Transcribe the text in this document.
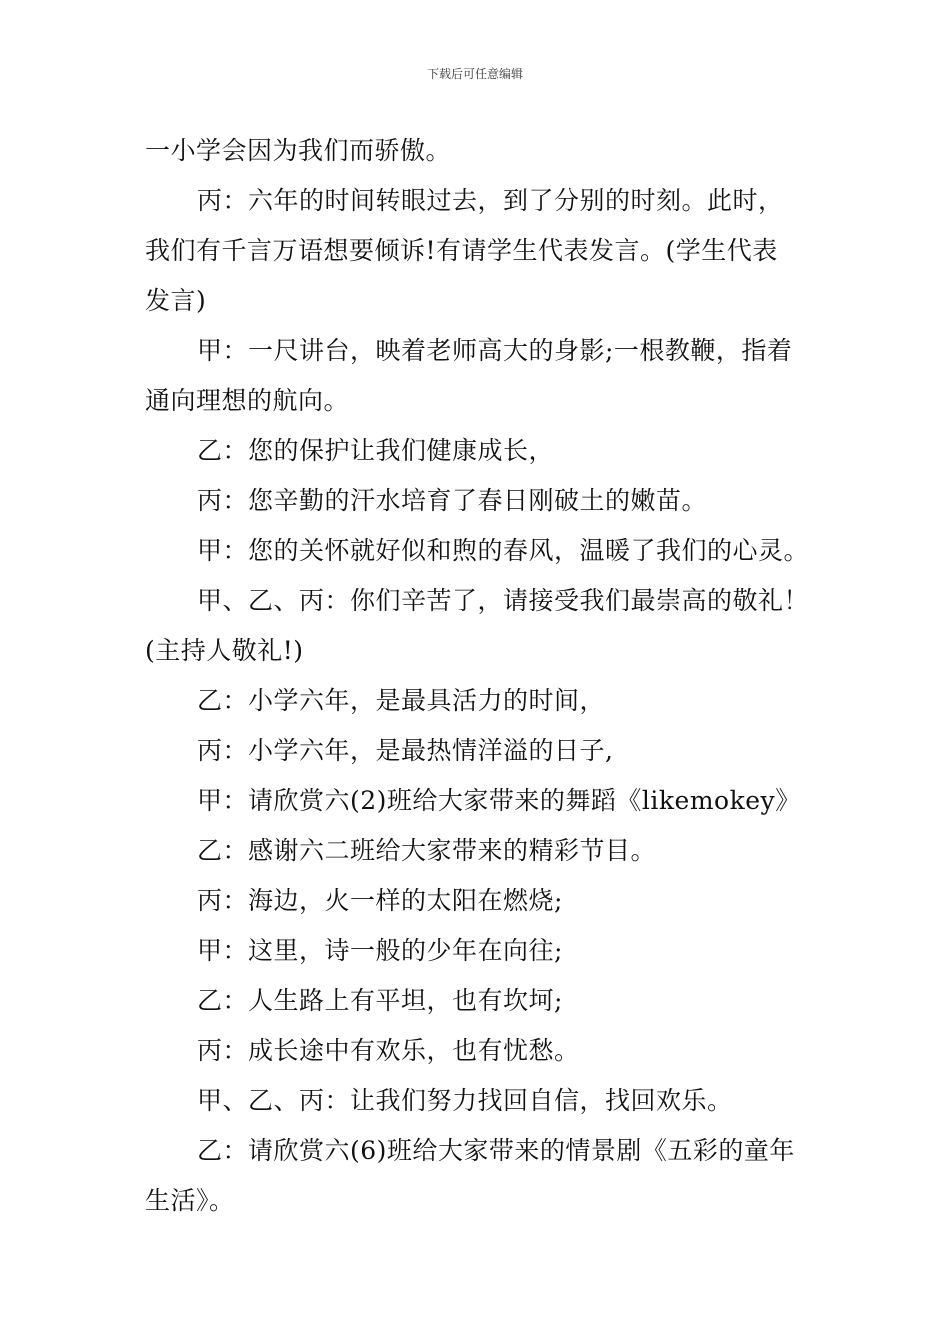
下载后可任意编辑
一小学会因为我们而骄傲。
丙：六年的时间转眼过去，到了分别的时刻。此时，
我们有千言万语想要倾诉!有请学生代表发言。(学生代表
发言)
甲：一尺讲台，映着老师高大的身影;一根教鞭，指着
通向理想的航向。
乙：您的保护让我们健康成长，
丙：您辛勤的汗水培育了春日刚破土的嫩苗。
甲：您的关怀就好似和煦的春风，温暖了我们的心灵。
甲、乙、丙：你们辛苦了，请接受我们最崇高的敬礼！
(主持人敬礼!)
乙：小学六年，是最具活力的时间，
丙：小学六年，是最热情洋溢的日子,
甲：请欣赏六(2)班给大家带来的舞蹈《likemokey》
乙：感谢六二班给大家带来的精彩节目。
丙：海边，火一样的太阳在燃烧;
甲：这里，诗一般的少年在向往;
乙：人生路上有平坦，也有坎坷;
丙：成长途中有欢乐，也有忧愁。
甲、乙、丙：让我们努力找回自信，找回欢乐。
乙：请欣赏六(6)班给大家带来的情景剧《五彩的童年
生活》。
